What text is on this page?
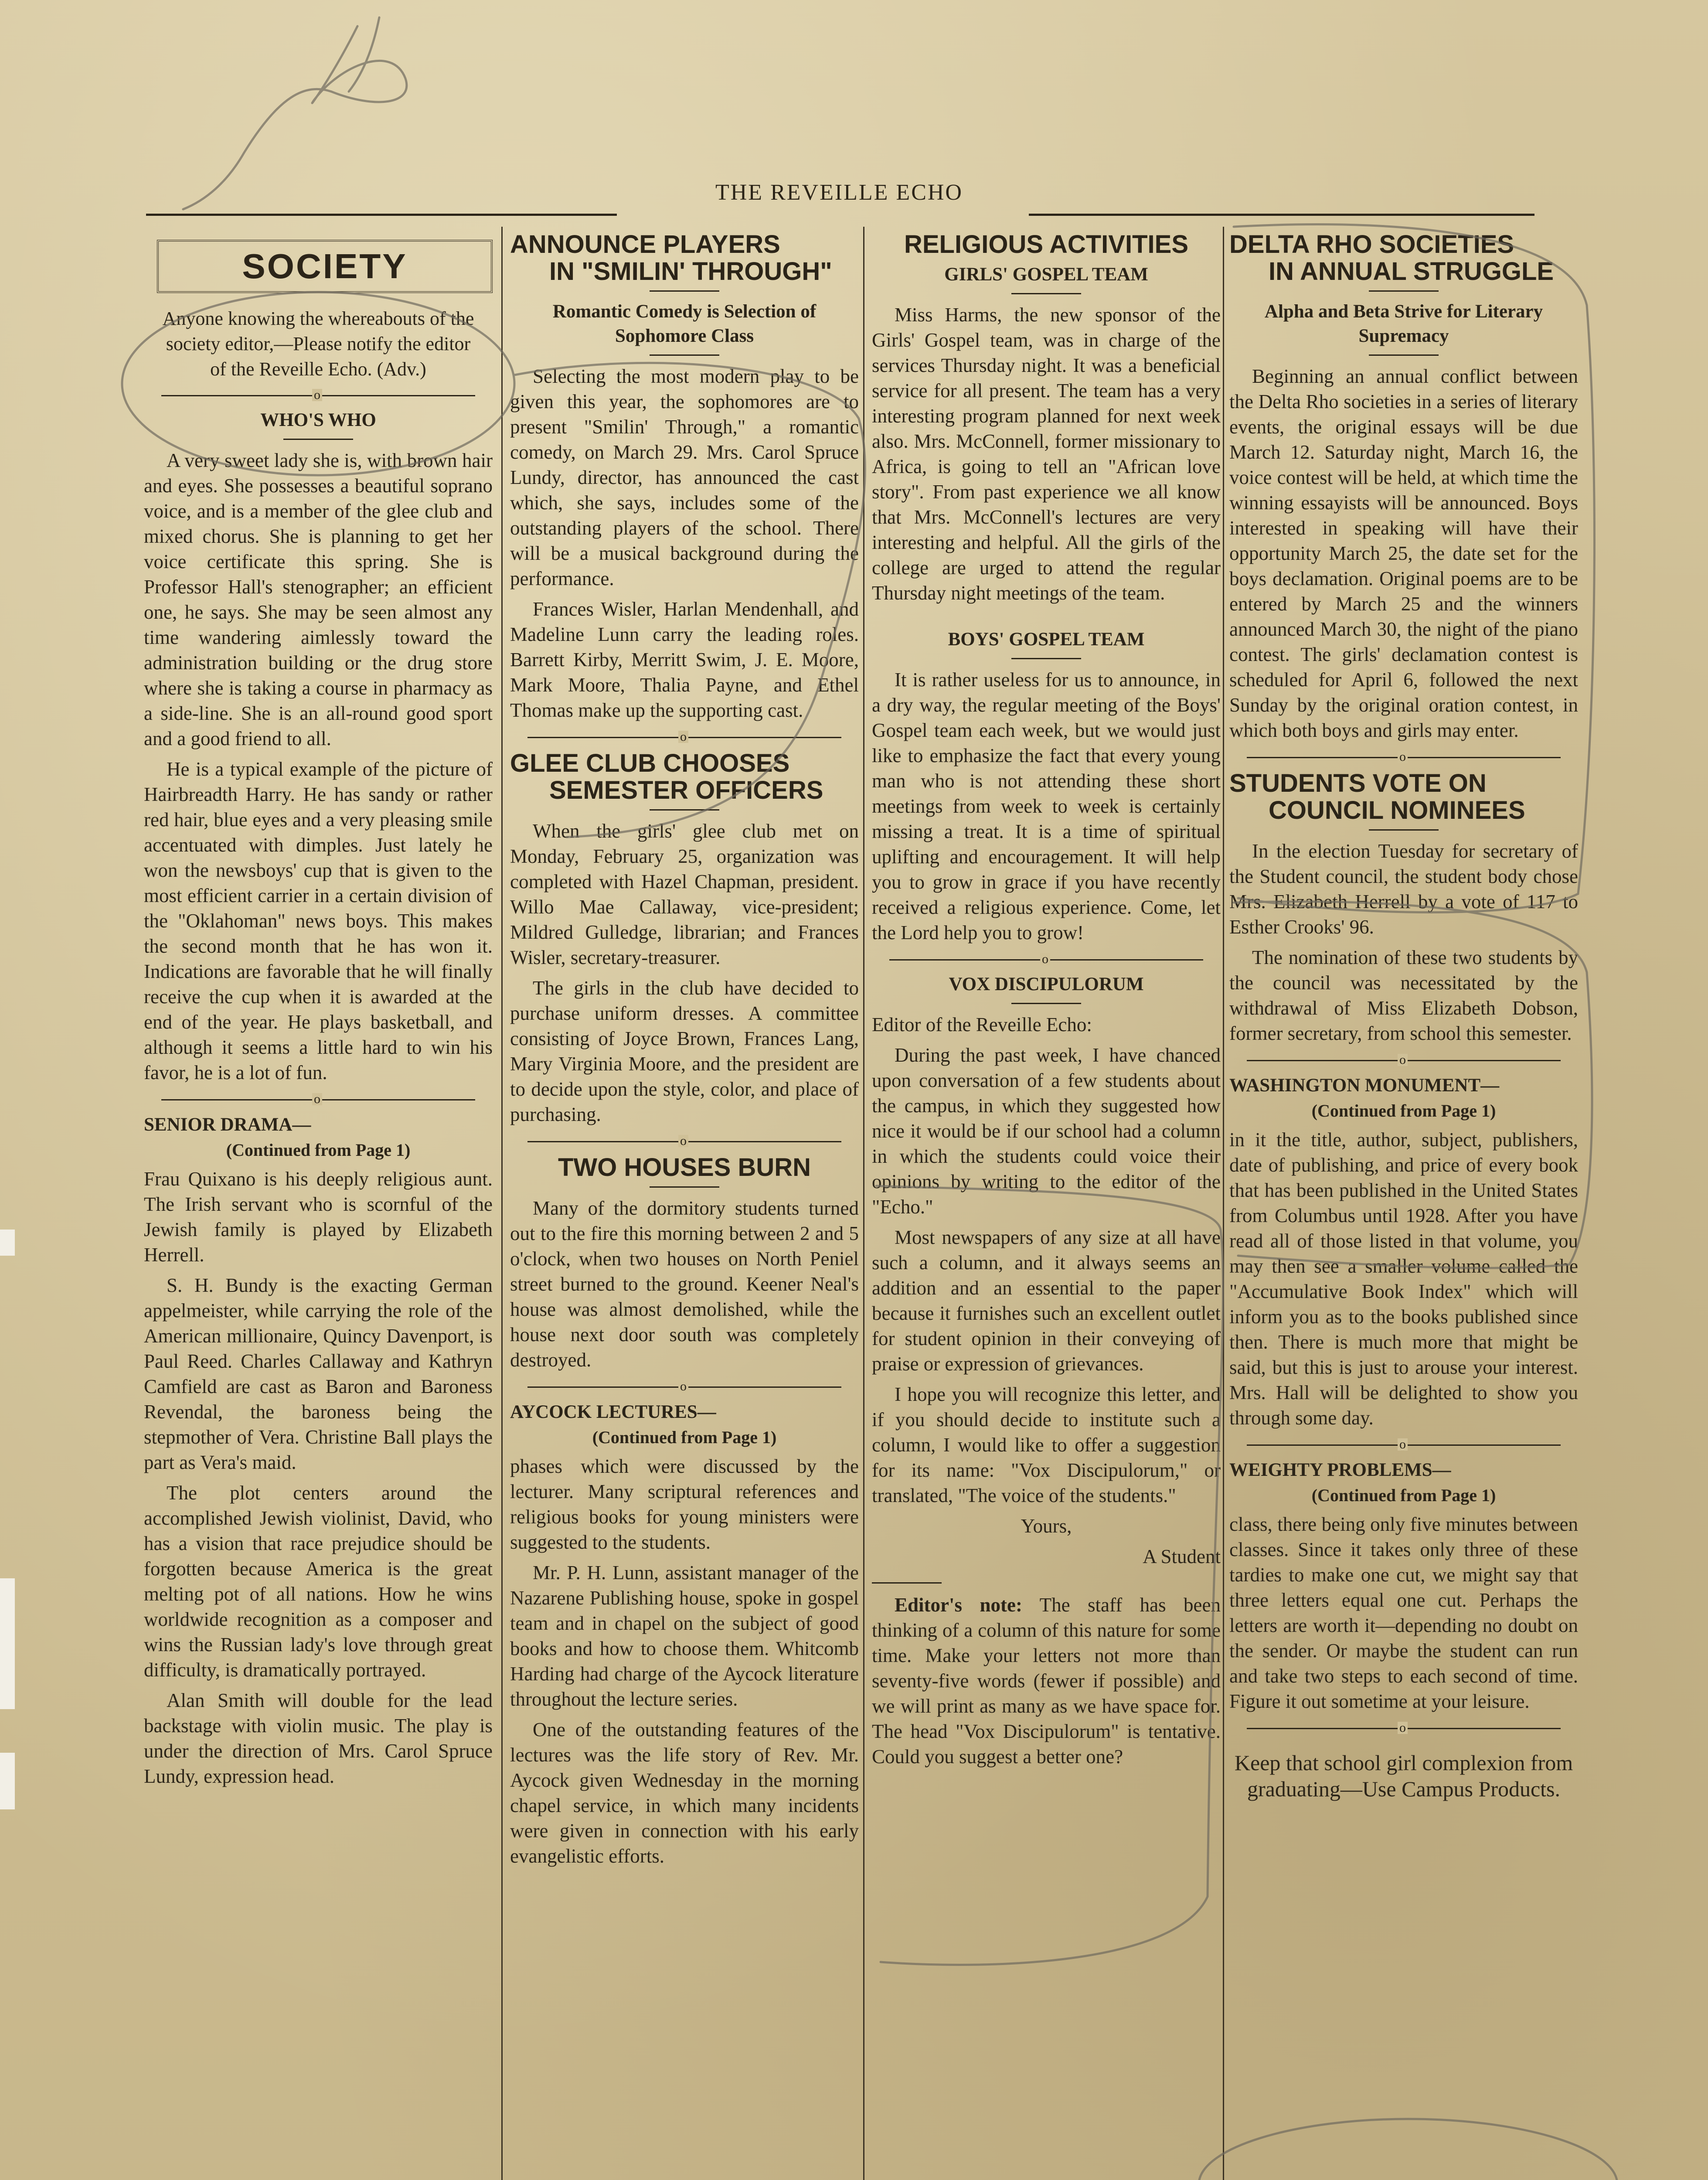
THE REVEILLE ECHO
SOCIETY
Anyone knowing the whereabouts of the society editor,—Please notify the editor of the Reveille Echo. (Adv.)
o
WHO'S WHO

A very sweet lady she is, with brown hair and eyes. She possesses a beautiful soprano voice, and is a member of the glee club and mixed chorus. She is planning to get her voice certificate this spring. She is Professor Hall's stenographer; an efficient one, he says. She may be seen almost any time wandering aimlessly toward the administration building or the drug store where she is taking a course in pharmacy as a side-line. She is an all-round good sport and a good friend to all.

He is a typical example of the picture of Hairbreadth Harry. He has sandy or rather red hair, blue eyes and a very pleasing smile accentuated with dimples. Just lately he won the newsboys' cup that is given to the most efficient carrier in a certain division of the "Oklahoman" news boys. This makes the second month that he has won it. Indications are favorable that he will finally receive the cup when it is awarded at the end of the year. He plays basketball, and although it seems a little hard to win his favor, he is a lot of fun.

o
SENIOR DRAMA—
(Continued from Page 1)

Frau Quixano is his deeply religious aunt. The Irish servant who is scornful of the Jewish family is played by Elizabeth Herrell.

S. H. Bundy is the exacting German appelmeister, while carrying the role of the American millionaire, Quincy Davenport, is Paul Reed. Charles Callaway and Kathryn Camfield are cast as Baron and Baroness Revendal, the baroness being the stepmother of Vera. Christine Ball plays the part as Vera's maid.

The plot centers around the accomplished Jewish violinist, David, who has a vision that race prejudice should be forgotten because America is the great melting pot of all nations. How he wins worldwide recognition as a composer and wins the Russian lady's love through great difficulty, is dramatically portrayed.

Alan Smith will double for the lead backstage with violin music. The play is under the direction of Mrs. Carol Spruce Lundy, expression head.

ANNOUNCE PLAYERS
IN "SMILIN' THROUGH"
Romantic Comedy is Selection of Sophomore Class

Selecting the most modern play to be given this year, the sophomores are to present "Smilin' Through," a romantic comedy, on March 29. Mrs. Carol Spruce Lundy, director, has announced the cast which, she says, includes some of the outstanding players of the school. There will be a musical background during the performance.

Frances Wisler, Harlan Mendenhall, and Madeline Lunn carry the leading roles. Barrett Kirby, Merritt Swim, J. E. Moore, Mark Moore, Thalia Payne, and Ethel Thomas make up the supporting cast.

o
GLEE CLUB CHOOSES
SEMESTER OFFICERS

When the girls' glee club met on Monday, February 25, organization was completed with Hazel Chapman, president. Willo Mae Callaway, vice-president; Mildred Gulledge, librarian; and Frances Wisler, secretary-treasurer.

The girls in the club have decided to purchase uniform dresses. A committee consisting of Joyce Brown, Frances Lang, Mary Virginia Moore, and the president are to decide upon the style, color, and place of purchasing.

o
TWO HOUSES BURN

Many of the dormitory students turned out to the fire this morning between 2 and 5 o'clock, when two houses on North Peniel street burned to the ground. Keener Neal's house was almost demolished, while the house next door south was completely destroyed.

o
AYCOCK LECTURES—
(Continued from Page 1)

phases which were discussed by the lecturer. Many scriptural references and religious books for young ministers were suggested to the students.

Mr. P. H. Lunn, assistant manager of the Nazarene Publishing house, spoke in gospel team and in chapel on the subject of good books and how to choose them. Whitcomb Harding had charge of the Aycock literature throughout the lecture series.

One of the outstanding features of the lectures was the life story of Rev. Mr. Aycock given Wednesday in the morning chapel service, in which many incidents were given in connection with his early evangelistic efforts.

RELIGIOUS ACTIVITIES
GIRLS' GOSPEL TEAM

Miss Harms, the new sponsor of the Girls' Gospel team, was in charge of the services Thursday night. It was a beneficial service for all present. The team has a very interesting program planned for next week also. Mrs. McConnell, former missionary to Africa, is going to tell an "African love story". From past experience we all know that Mrs. McConnell's lectures are very interesting and helpful. All the girls of the college are urged to attend the regular Thursday night meetings of the team.

BOYS' GOSPEL TEAM

It is rather useless for us to announce, in a dry way, the regular meeting of the Boys' Gospel team each week, but we would just like to emphasize the fact that every young man who is not attending these short meetings from week to week is certainly missing a treat. It is a time of spiritual uplifting and encouragement. It will help you to grow in grace if you have recently received a religious experience. Come, let the Lord help you to grow!

o
VOX DISCIPULORUM

Editor of the Reveille Echo:

During the past week, I have chanced upon conversation of a few students about the campus, in which they suggested how nice it would be if our school had a column in which the students could voice their opinions by writing to the editor of the "Echo."

Most newspapers of any size at all have such a column, and it always seems an addition and an essential to the paper because it furnishes such an excellent outlet for student opinion in their conveying of praise or expression of grievances.

I hope you will recognize this letter, and if you should decide to institute such a column, I would like to offer a suggestion for its name: "Vox Discipulorum," or translated, "The voice of the students."

Yours,

A Student

Editor's note: The staff has been thinking of a column of this nature for some time. Make your letters not more than seventy-five words (fewer if possible) and we will print as many as we have space for. The head "Vox Discipulorum" is tentative. Could you suggest a better one?

DELTA RHO SOCIETIES
IN ANNUAL STRUGGLE
Alpha and Beta Strive for Literary Supremacy

Beginning an annual conflict between the Delta Rho societies in a series of literary events, the original essays will be due March 12. Saturday night, March 16, the voice contest will be held, at which time the winning essayists will be announced. Boys interested in speaking will have their opportunity March 25, the date set for the boys declamation. Original poems are to be entered by March 25 and the winners announced March 30, the night of the piano contest. The girls' declamation contest is scheduled for April 6, followed the next Sunday by the original oration contest, in which both boys and girls may enter.

o
STUDENTS VOTE ON
COUNCIL NOMINEES

In the election Tuesday for secretary of the Student council, the student body chose Mrs. Elizabeth Herrell by a vote of 117 to Esther Crooks' 96.

The nomination of these two students by the council was necessitated by the withdrawal of Miss Elizabeth Dobson, former secretary, from school this semester.

o
WASHINGTON MONUMENT—
(Continued from Page 1)

in it the title, author, subject, publishers, date of publishing, and price of every book that has been published in the United States from Columbus until 1928. After you have read all of those listed in that volume, you may then see a smaller volume called the "Accumulative Book Index" which will inform you as to the books published since then. There is much more that might be said, but this is just to arouse your interest. Mrs. Hall will be delighted to show you through some day.

o
WEIGHTY PROBLEMS—
(Continued from Page 1)

class, there being only five minutes between classes. Since it takes only three of these tardies to make one cut, we might say that three letters equal one cut. Perhaps the letters are worth it—depending no doubt on the sender. Or maybe the student can run and take two steps to each second of time. Figure it out sometime at your leisure.

o
Keep that school girl complexion from graduating—Use Campus Products.
